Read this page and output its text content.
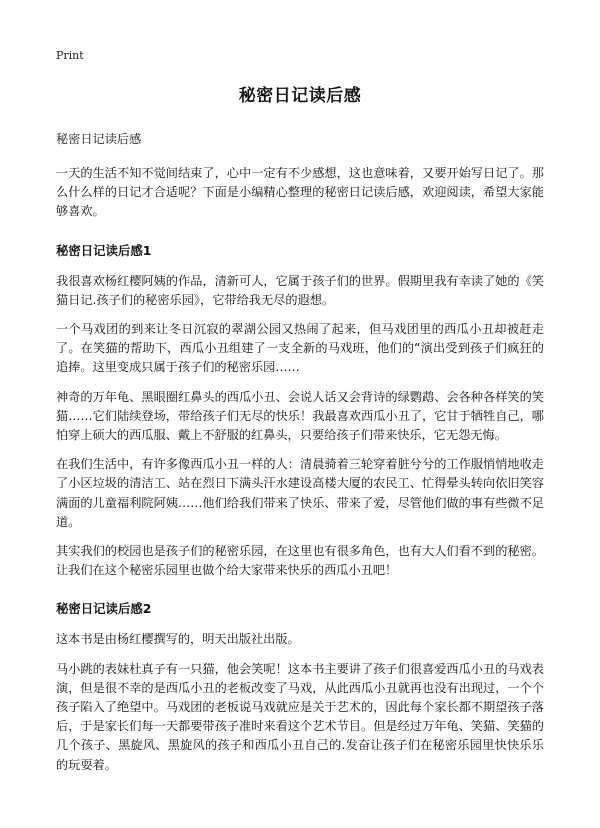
Print
秘密日记读后感
秘密日记读后感

一天的生活不知不觉间结束了，心中一定有不少感想，这也意味着，又要开始写日记了。那么什么样的日记才合适呢？下面是小编精心整理的秘密日记读后感，欢迎阅读，希望大家能够喜欢。

秘密日记读后感1

我很喜欢杨红樱阿姨的作品，清新可人，它属于孩子们的世界。假期里我有幸读了她的《笑猫日记.孩子们的秘密乐园》，它带给我无尽的遐想。

一个马戏团的到来让冬日沉寂的翠湖公园又热闹了起来，但马戏团里的西瓜小丑却被赶走了。在笑猫的帮助下，西瓜小丑组建了一支全新的马戏班，他们的“演出受到孩子们疯狂的追捧。这里变成只属于孩子们的秘密乐园……

神奇的万年龟、黑眼圈红鼻头的西瓜小丑、会说人话又会背诗的绿鹦鹉、会各种各样笑的笑猫……它们陆续登场，带给孩子们无尽的快乐！我最喜欢西瓜小丑了，它甘于牺牲自己，哪怕穿上硕大的西瓜服、戴上不舒服的红鼻头，只要给孩子们带来快乐，它无怨无悔。

在我们生活中，有许多像西瓜小丑一样的人：清晨骑着三轮穿着脏兮兮的工作服悄悄地收走了小区垃圾的清洁工、站在烈日下满头汗水建设高楼大厦的农民工、忙得晕头转向依旧笑容满面的儿童福利院阿姨……他们给我们带来了快乐、带来了爱，尽管他们做的事有些微不足道。

其实我们的校园也是孩子们的秘密乐园，在这里也有很多角色，也有大人们看不到的秘密。让我们在这个秘密乐园里也做个给大家带来快乐的西瓜小丑吧！

秘密日记读后感2

这本书是由杨红樱撰写的，明天出版社出版。

马小跳的表妹杜真子有一只猫，他会笑呢！这本书主要讲了孩子们很喜爱西瓜小丑的马戏表演，但是很不幸的是西瓜小丑的老板改变了马戏，从此西瓜小丑就再也没有出现过，一个个孩子陷入了绝望中。马戏团的老板说马戏就应是关于艺术的，因此每个家长都不期望孩子落后，于是家长们每一天都要带孩子准时来看这个艺术节目。但是经过万年龟、笑猫、笑猫的几个孩子、黑旋风、黑旋风的孩子和西瓜小丑自己的.发奋让孩子们在秘密乐园里快快乐乐的玩耍着。
